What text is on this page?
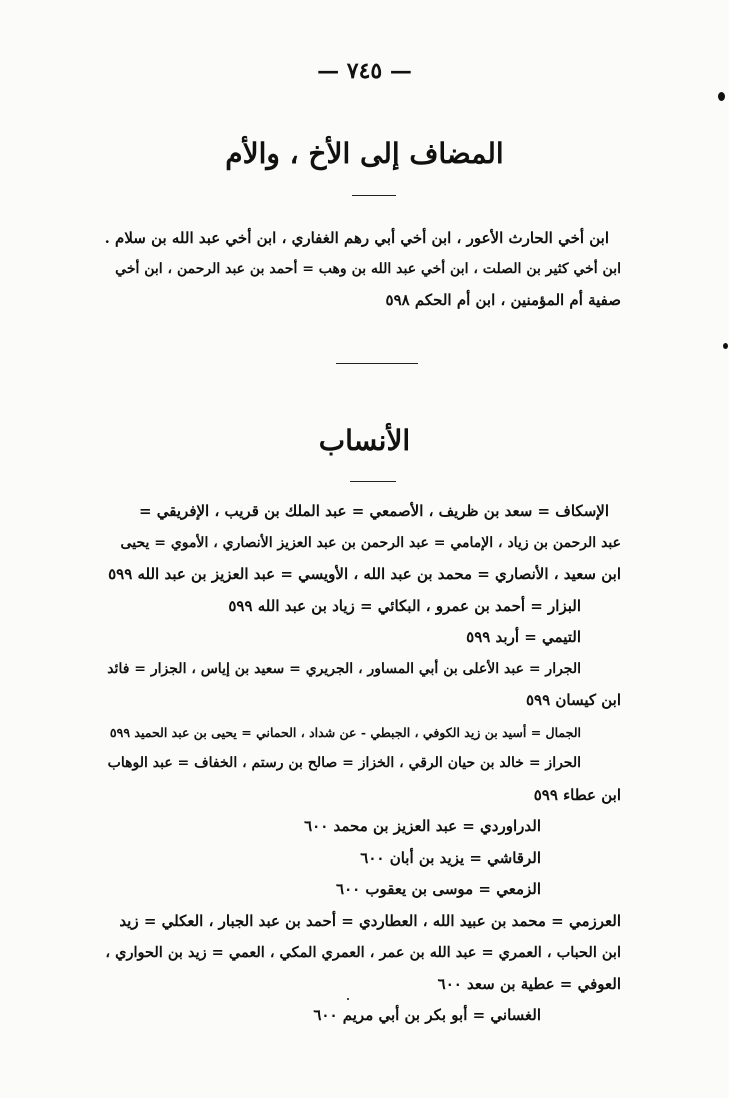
— ٧٤٥ —
المضاف إلى الأخ ، والأم
ابن أخي الحارث الأعور ، ابن أخي أبي رهم الغفاري ، ابن أخي عبد الله بن سلام .
ابن أخي كثير بن الصلت ، ابن أخي عبد الله بن وهب = أحمد بن عبد الرحمن ، ابن أخي
صفية أم المؤمنين ، ابن أم الحكم ٥٩٨
الأنساب
الإسكاف = سعد بن ظريف ، الأصمعي = عبد الملك بن قريب ، الإفريقي =
عبد الرحمن بن زياد ، الإمامي = عبد الرحمن بن عبد العزيز الأنصاري ، الأموي = يحيى
ابن سعيد ، الأنصاري = محمد بن عبد الله ، الأويسي = عبد العزيز بن عبد الله ٥٩٩
البزار = أحمد بن عمرو ، البكائي = زياد بن عبد الله ٥٩٩
التيمي = أربد ٥٩٩
الجرار = عبد الأعلى بن أبي المساور ، الجريري = سعيد بن إياس ، الجزار = فائد
ابن كيسان ٥٩٩
الجمال = أسيد بن زيد الكوفي ، الجبطي - عن شداد ، الحماني = يحيى بن عبد الحميد ٥٩٩
الحراز = خالد بن حيان الرقي ، الخزاز = صالح بن رستم ، الخفاف = عبد الوهاب
ابن عطاء ٥٩٩
الدراوردي = عبد العزيز بن محمد ٦٠٠
الرقاشي = يزيد بن أبان ٦٠٠
الزمعي = موسى بن يعقوب ٦٠٠
العرزمي = محمد بن عبيد الله ، العطاردي = أحمد بن عبد الجبار ، العكلي = زيد
ابن الحباب ، العمري = عبد الله بن عمر ، العمري المكي ، العمي = زيد بن الحواري ،
العوفي = عطية بن سعد ٦٠٠
الغساني = أبو بكر بن أبي مريم ٦٠٠
